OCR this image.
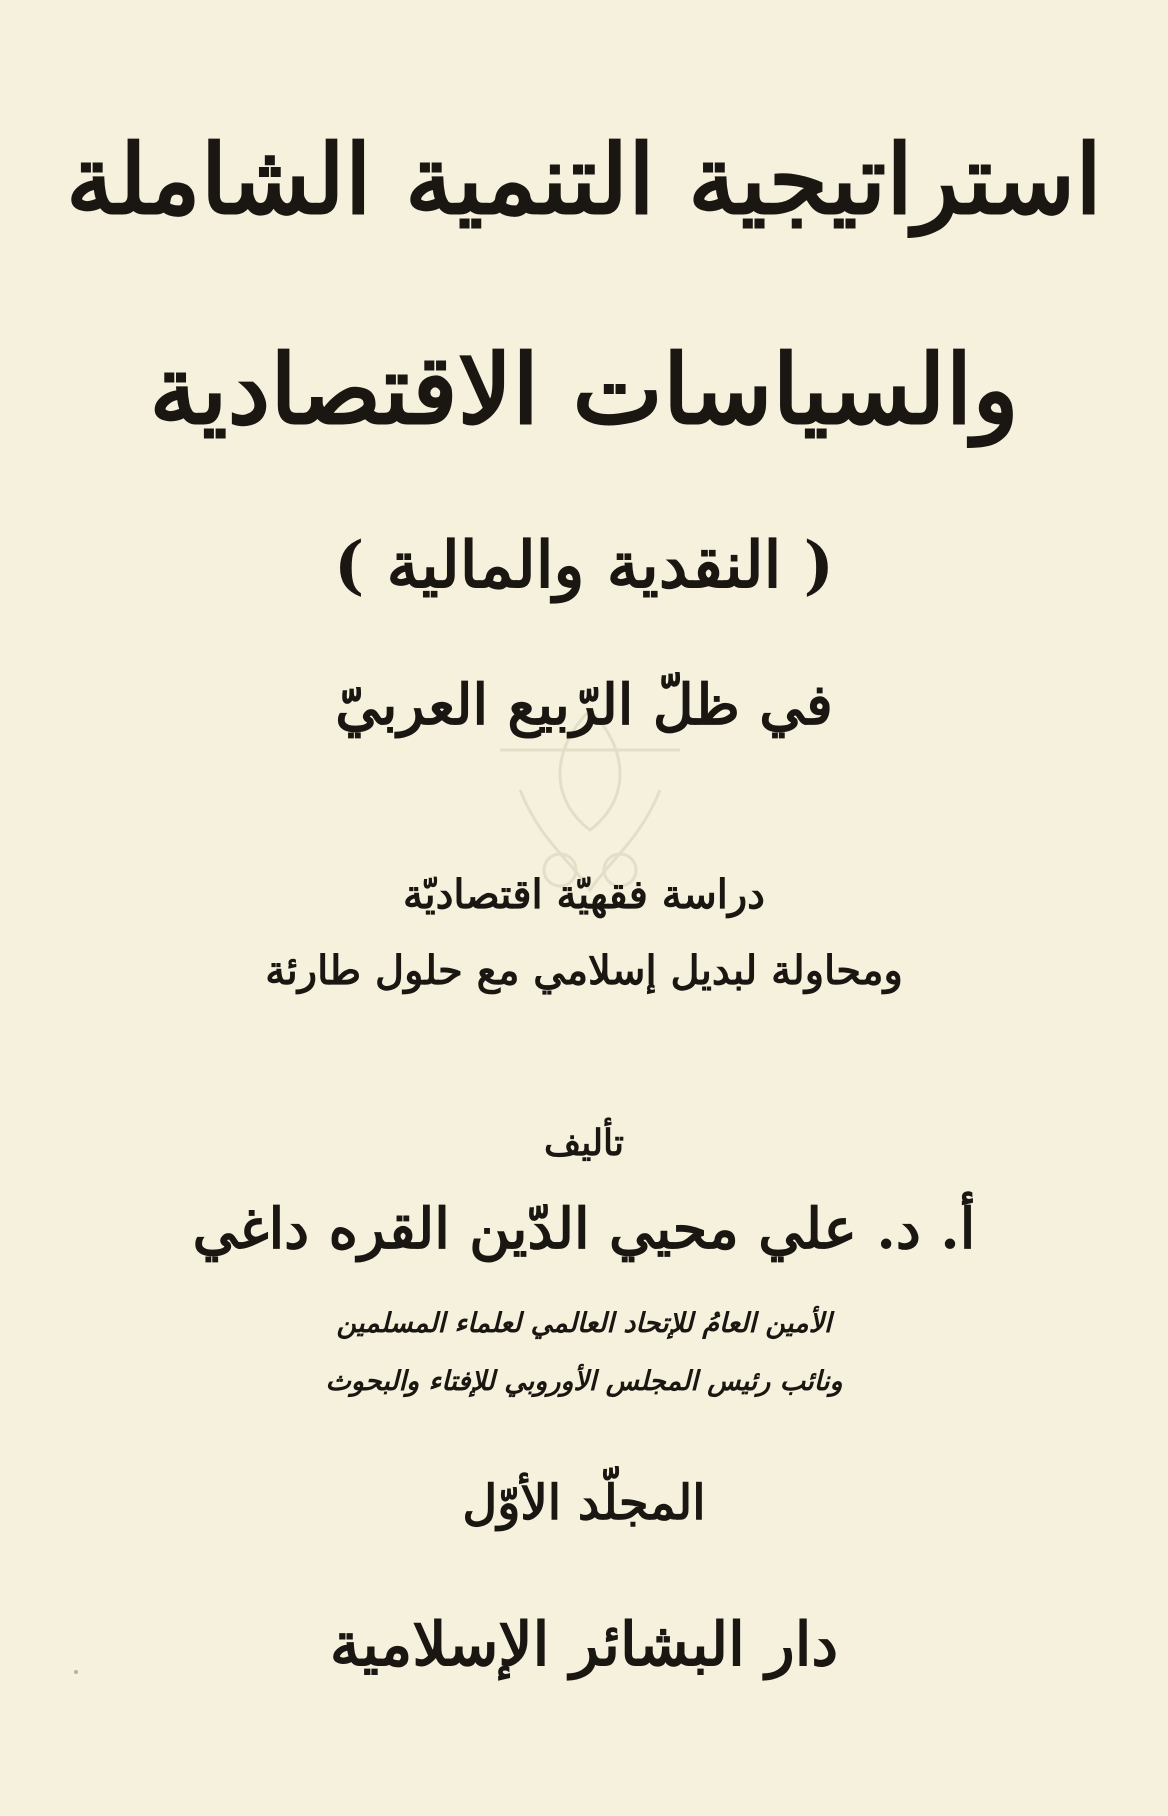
استراتيجية التنمية الشاملة
والسياسات الاقتصادية
( النقدية والمالية )
في ظلّ الرّبيع العربيّ
دراسة فقهيّة اقتصاديّة
ومحاولة لبديل إسلامي مع حلول طارئة
تأليف
أ. د. علي محيي الدّين القره داغي
الأمين العامُ للإتحاد العالمي لعلماء المسلمين
ونائب رئيس المجلس الأوروبي للإفتاء والبحوث
المجلّد الأوّل
دار البشائر الإسلامية
